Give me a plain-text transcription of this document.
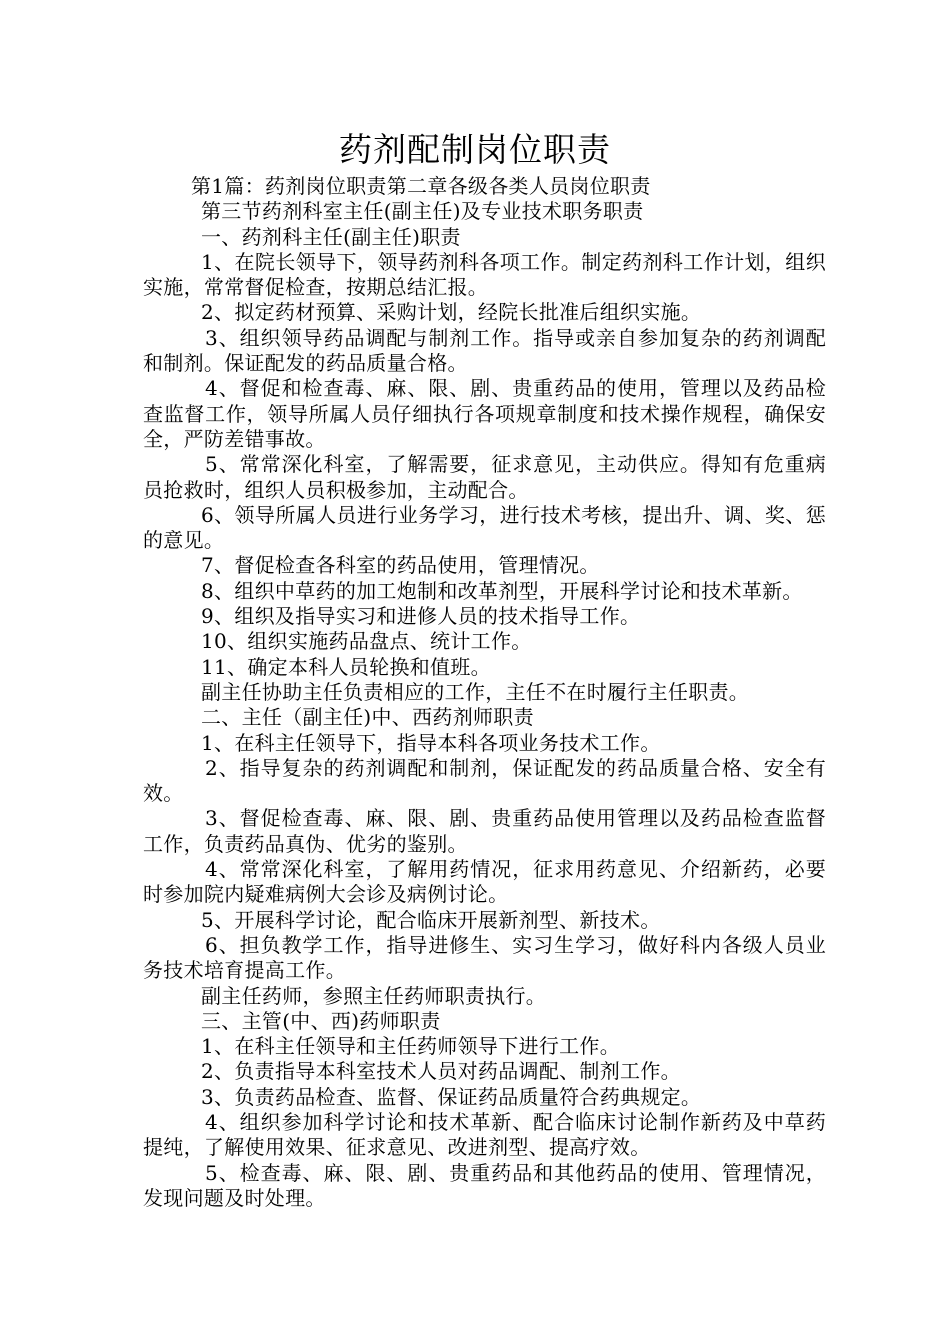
药剂配制岗位职责

第1篇：药剂岗位职责第二章各级各类人员岗位职责

第三节药剂科室主任(副主任)及专业技术职务职责

一、药剂科主任(副主任)职责

1、在院长领导下，领导药剂科各项工作。制定药剂科工作计划，组织实施，常常督促检查，按期总结汇报。

2、拟定药材预算、采购计划，经院长批准后组织实施。

3、组织领导药品调配与制剂工作。指导或亲自参加复杂的药剂调配和制剂。保证配发的药品质量合格。

4、督促和检查毒、麻、限、剧、贵重药品的使用，管理以及药品检查监督工作，领导所属人员仔细执行各项规章制度和技术操作规程，确保安全，严防差错事故。

5、常常深化科室，了解需要，征求意见，主动供应。得知有危重病员抢救时，组织人员积极参加，主动配合。

6、领导所属人员进行业务学习，进行技术考核，提出升、调、奖、惩的意见。

7、督促检查各科室的药品使用，管理情况。

8、组织中草药的加工炮制和改革剂型，开展科学讨论和技术革新。

9、组织及指导实习和进修人员的技术指导工作。

10、组织实施药品盘点、统计工作。

11、确定本科人员轮换和值班。

副主任协助主任负责相应的工作，主任不在时履行主任职责。

二、主任（副主任)中、西药剂师职责

1、在科主任领导下，指导本科各项业务技术工作。

2、指导复杂的药剂调配和制剂，保证配发的药品质量合格、安全有效。

3、督促检查毒、麻、限、剧、贵重药品使用管理以及药品检查监督工作，负责药品真伪、优劣的鉴别。

4、常常深化科室，了解用药情况，征求用药意见、介绍新药，必要时参加院内疑难病例大会诊及病例讨论。

5、开展科学讨论，配合临床开展新剂型、新技术。

6、担负教学工作，指导进修生、实习生学习，做好科内各级人员业务技术培育提高工作。

副主任药师，参照主任药师职责执行。

三、主管(中、西)药师职责

1、在科主任领导和主任药师领导下进行工作。

2、负责指导本科室技术人员对药品调配、制剂工作。

3、负责药品检查、监督、保证药品质量符合药典规定。

4、组织参加科学讨论和技术革新、配合临床讨论制作新药及中草药提纯，了解使用效果、征求意见、改进剂型、提高疗效。

5、检查毒、麻、限、剧、贵重药品和其他药品的使用、管理情况，发现问题及时处理。
